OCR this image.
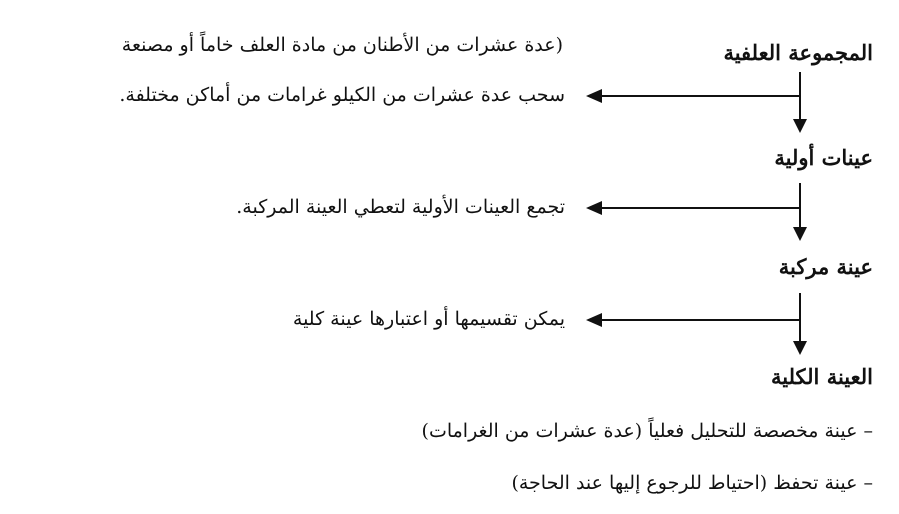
المجموعة العلفية
(عدة عشرات من الأطنان من مادة العلف خاماً أو مصنعة
سحب عدة عشرات من الكيلو غرامات من أماكن مختلفة.
عينات أولية
تجمع العينات الأولية لتعطي العينة المركبة.
عينة مركبة
يمكن تقسيمها أو اعتبارها عينة كلية
العينة الكلية
– عينة مخصصة للتحليل فعلياً (عدة عشرات من الغرامات)
– عينة تحفظ (احتياط للرجوع إليها عند الحاجة)
